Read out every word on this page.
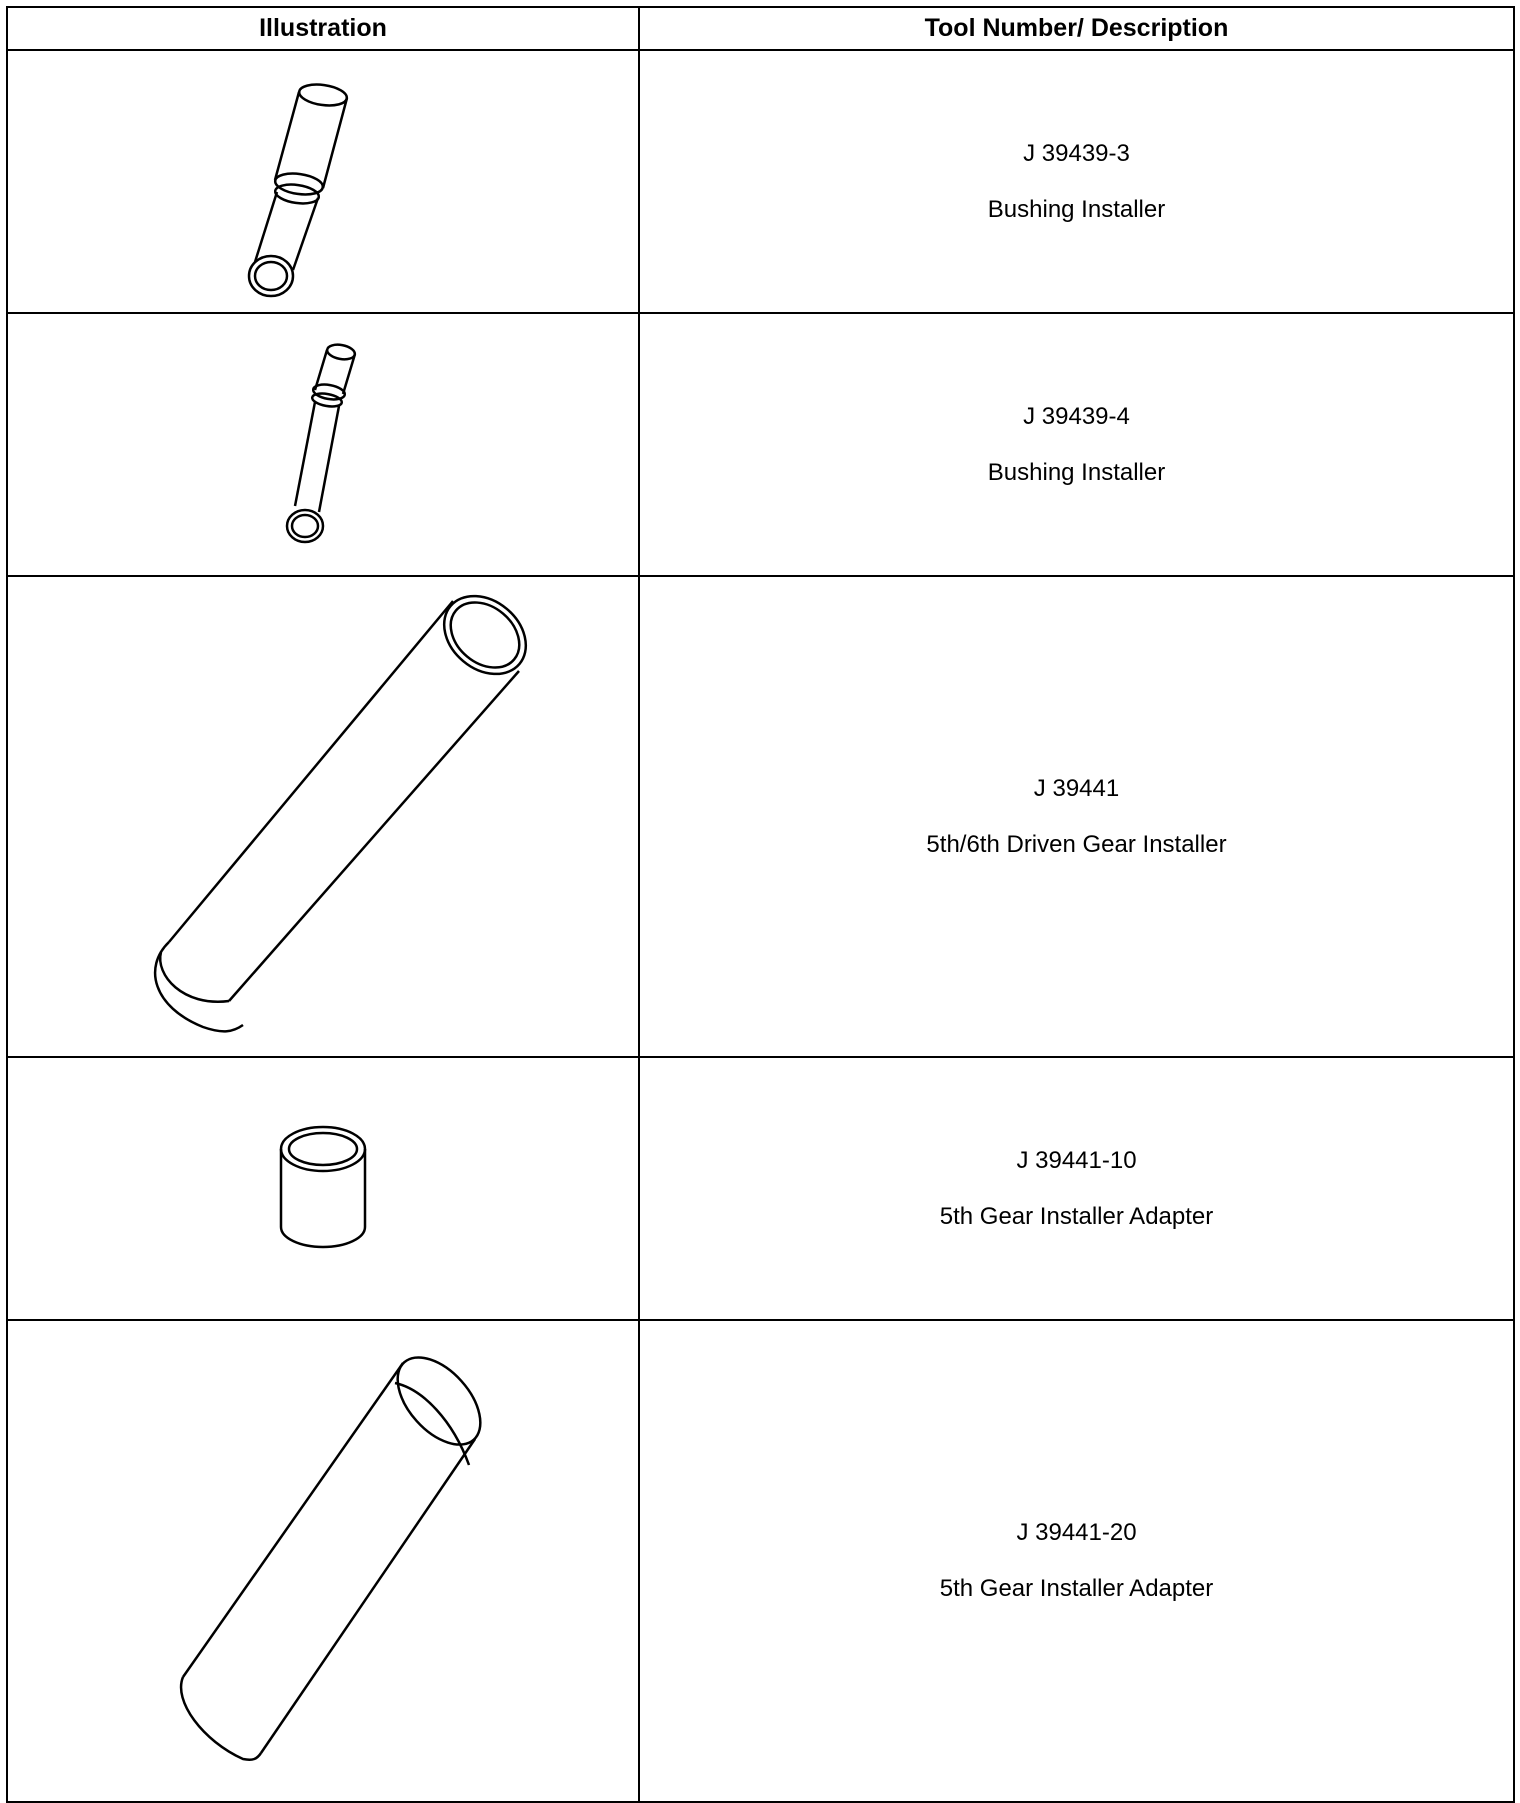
Illustration	Tool Number/ Description

J 39439-3
Bushing Installer

J 39439-4
Bushing Installer

J 39441
5th/6th Driven Gear Installer

J 39441-10
5th Gear Installer Adapter

J 39441-20
5th Gear Installer Adapter
